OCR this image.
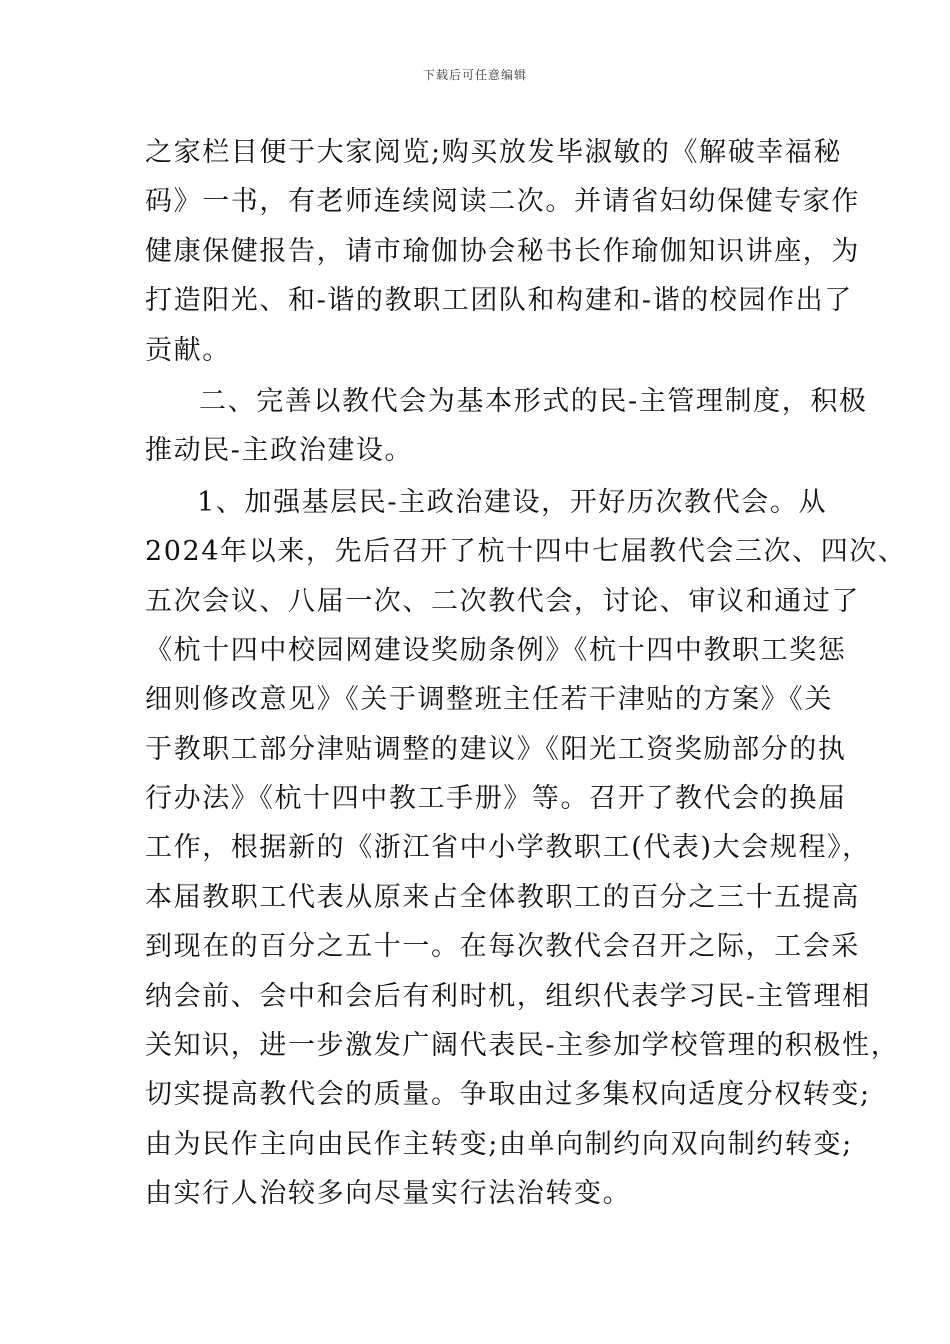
下载后可任意编辑
之家栏目便于大家阅览;购买放发毕淑敏的《解破幸福秘
码》一书，有老师连续阅读二次。并请省妇幼保健专家作
健康保健报告，请市瑜伽协会秘书长作瑜伽知识讲座，为
打造阳光、和-谐的教职工团队和构建和-谐的校园作出了
贡献。
二、完善以教代会为基本形式的民-主管理制度，积极
推动民-主政治建设。
1、加强基层民-主政治建设，开好历次教代会。从
2024年以来，先后召开了杭十四中七届教代会三次、四次、
五次会议、八届一次、二次教代会，讨论、审议和通过了
《杭十四中校园网建设奖励条例》《杭十四中教职工奖惩
细则修改意见》《关于调整班主任若干津贴的方案》《关
于教职工部分津贴调整的建议》《阳光工资奖励部分的执
行办法》《杭十四中教工手册》等。召开了教代会的换届
工作，根据新的《浙江省中小学教职工(代表)大会规程》，
本届教职工代表从原来占全体教职工的百分之三十五提高
到现在的百分之五十一。在每次教代会召开之际，工会采
纳会前、会中和会后有利时机，组织代表学习民-主管理相
关知识，进一步激发广阔代表民-主参加学校管理的积极性，
切实提高教代会的质量。争取由过多集权向适度分权转变;
由为民作主向由民作主转变;由单向制约向双向制约转变;
由实行人治较多向尽量实行法治转变。
